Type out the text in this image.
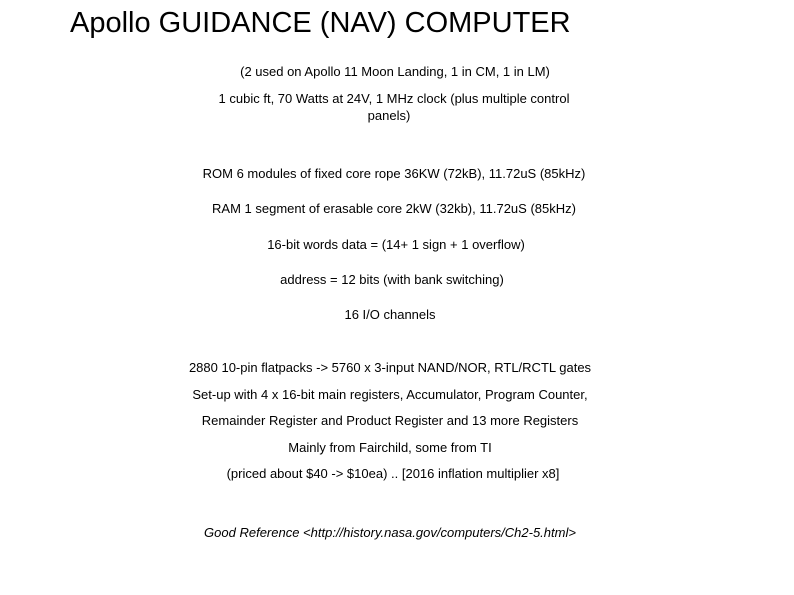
Apollo GUIDANCE (NAV) COMPUTER
(2 used on Apollo 11 Moon Landing, 1 in CM, 1 in LM)
1 cubic ft, 70 Watts at 24V, 1 MHz clock (plus multiple control
panels)
ROM 6 modules of fixed core rope 36KW (72kB), 11.72uS (85kHz)
RAM 1 segment of erasable core 2kW (32kb), 11.72uS (85kHz)
16-bit words data = (14+ 1 sign + 1 overflow)
address = 12 bits (with bank switching)
16 I/O channels
2880 10-pin flatpacks -> 5760 x 3-input NAND/NOR, RTL/RCTL gates
Set-up with 4 x 16-bit main registers, Accumulator, Program Counter,
Remainder Register and Product Register and 13 more Registers
Mainly from Fairchild, some from TI
(priced about $40 -> $10ea) .. [2016 inflation multiplier x8]
Good Reference <http://history.nasa.gov/computers/Ch2-5.html>
